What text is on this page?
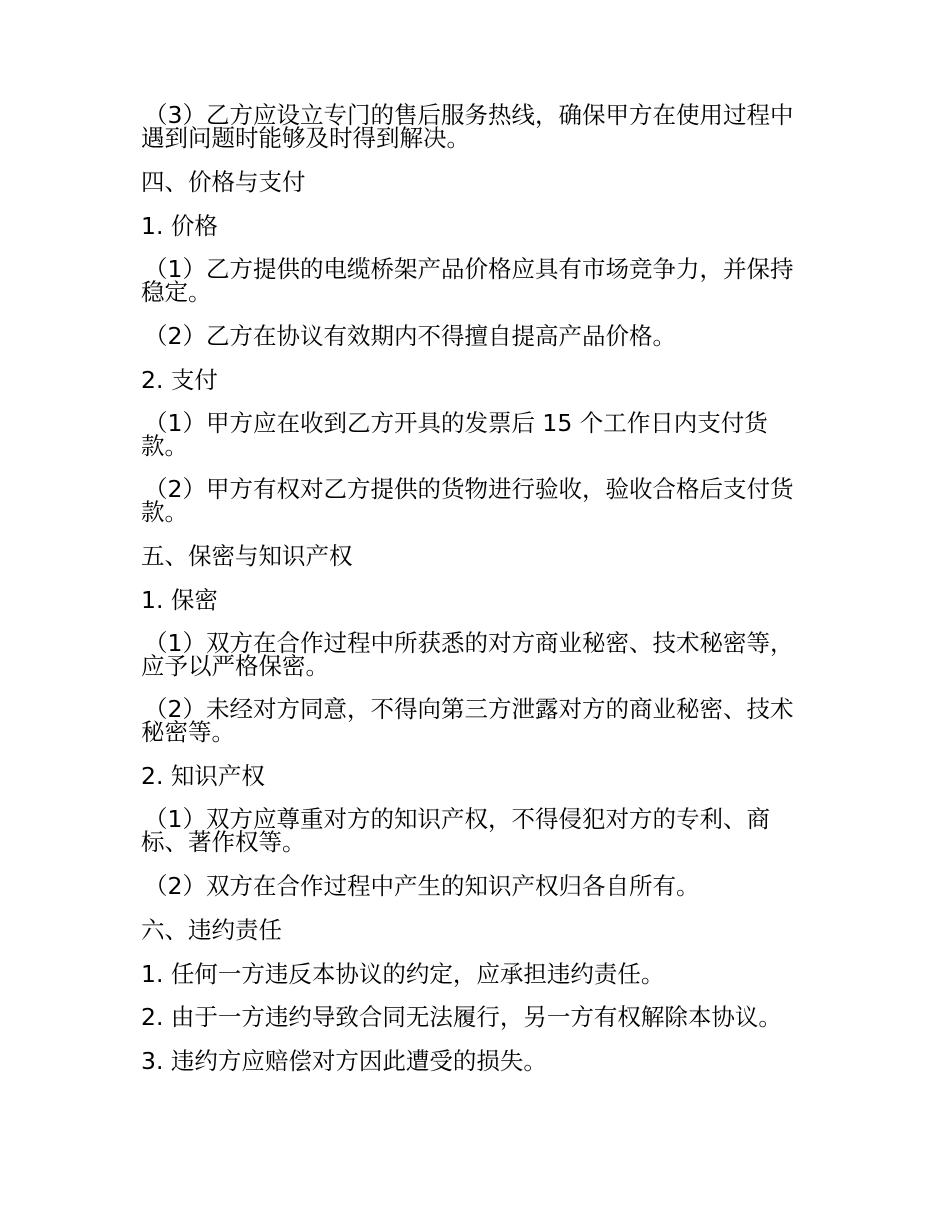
（3）乙方应设立专门的售后服务热线，确保甲方在使用过程中遇到问题时能够及时得到解决。

四、价格与支付

1. 价格

（1）乙方提供的电缆桥架产品价格应具有市场竞争力，并保持稳定。

（2）乙方在协议有效期内不得擅自提高产品价格。

2. 支付

（1）甲方应在收到乙方开具的发票后 15 个工作日内支付货款。

（2）甲方有权对乙方提供的货物进行验收，验收合格后支付货款。

五、保密与知识产权

1. 保密

（1）双方在合作过程中所获悉的对方商业秘密、技术秘密等，应予以严格保密。

（2）未经对方同意，不得向第三方泄露对方的商业秘密、技术秘密等。

2. 知识产权

（1）双方应尊重对方的知识产权，不得侵犯对方的专利、商标、著作权等。

（2）双方在合作过程中产生的知识产权归各自所有。

六、违约责任

1. 任何一方违反本协议的约定，应承担违约责任。

2. 由于一方违约导致合同无法履行，另一方有权解除本协议。

3. 违约方应赔偿对方因此遭受的损失。
